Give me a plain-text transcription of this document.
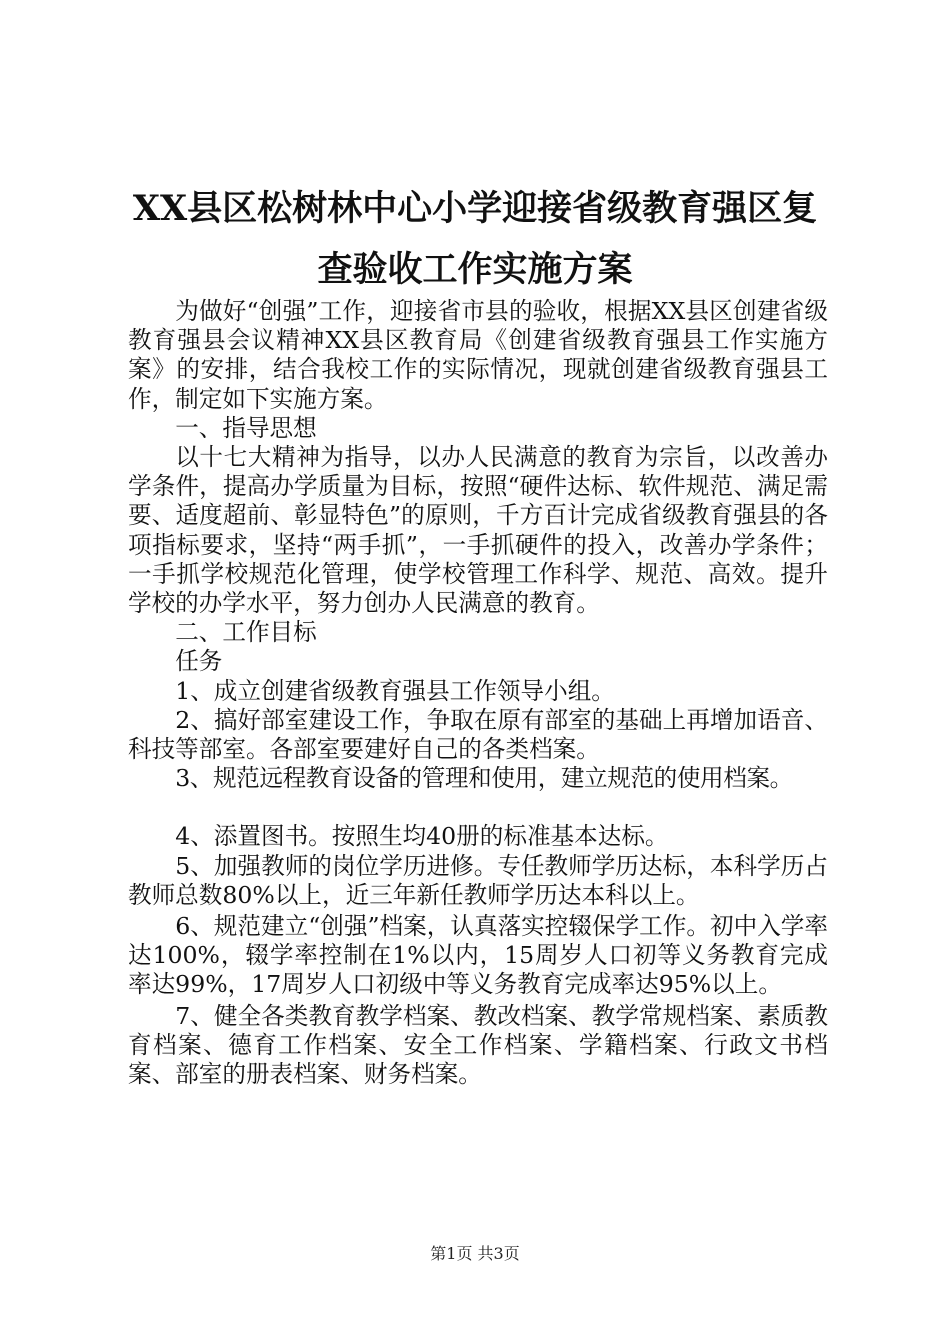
XX县区松树林中心小学迎接省级教育强区复
查验收工作实施方案

为做好“创强”工作，迎接省市县的验收，根据XX县区创建省级教育强县会议精神XX县区教育局《创建省级教育强县工作实施方案》的安排，结合我校工作的实际情况，现就创建省级教育强县工作，制定如下实施方案。

一、指导思想

以十七大精神为指导，以办人民满意的教育为宗旨，以改善办学条件，提高办学质量为目标，按照“硬件达标、软件规范、满足需要、适度超前、彰显特色”的原则，千方百计完成省级教育强县的各项指标要求，坚持“两手抓”，一手抓硬件的投入，改善办学条件；一手抓学校规范化管理，使学校管理工作科学、规范、高效。提升学校的办学水平，努力创办人民满意的教育。

二、工作目标

任务

1、成立创建省级教育强县工作领导小组。

2、搞好部室建设工作，争取在原有部室的基础上再增加语音、科技等部室。各部室要建好自己的各类档案。

3、规范远程教育设备的管理和使用，建立规范的使用档案。

4、添置图书。按照生均40册的标准基本达标。

5、加强教师的岗位学历进修。专任教师学历达标，本科学历占教师总数80%以上，近三年新任教师学历达本科以上。

6、规范建立“创强”档案，认真落实控辍保学工作。初中入学率达100%，辍学率控制在1%以内，15周岁人口初等义务教育完成率达99%，17周岁人口初级中等义务教育完成率达95%以上。

7、健全各类教育教学档案、教改档案、教学常规档案、素质教育档案、德育工作档案、安全工作档案、学籍档案、行政文书档案、部室的册表档案、财务档案。

第1页 共3页
